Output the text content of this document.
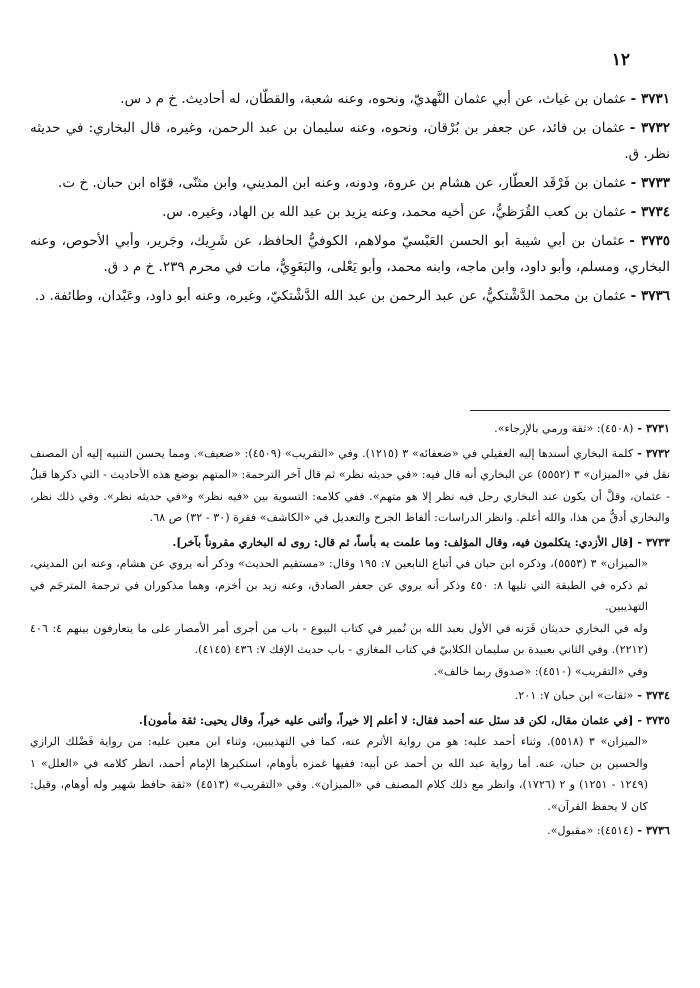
١٢
٣٧٣١ -عثمان بن غياث، عن أبي عثمان النَّهديّ، ونحوه، وعنه شعبة، والقطّان، له أحاديث. خ م د س.
٣٧٣٢ -عثمان بن فائد، عن جعفر بن بُرْقان، ونحوه، وعنه سليمان بن عبد الرحمن، وغيره، قال البخاري: في حديثه نظر. ق.
٣٧٣٣ -عثمان بن فَرْقَد العطّار، عن هشام بن عروة، ودونه، وعنه ابن المديني، وابن مثنّى، قوّاه ابن حبان. خ ت.
٣٧٣٤ -عثمان بن كعب القُرَظيُّ، عن أخيه محمد، وعنه يزيد بن عبد الله بن الهاد، وغيره. س.
٣٧٣٥ -عثمان بن أبي شيبة أبو الحسن العَبْسيّ مولاهم، الكوفيُّ الحافظ، عن شَرِيك، وجَرير، وأبي الأحوص، وعنه البخاري، ومسلم، وأبو داود، وابن ماجه، وابنه محمد، وأبو يَعْلى، والبَغَوِيُّ، مات في محرم ٢٣٩. خ م د ق.
٣٧٣٦ -عثمان بن محمد الدَّشْتكيُّ، عن عبد الرحمن بن عبد الله الدَّشْتكيّ، وغيره، وعنه أبو داود، وعَبْدان، وطائفة. د.
٣٧٣١ -(٤٥٠٨): «ثقة ورمي بالإرجاء».
٣٧٣٢ -كلمة البخاري أسندها إليه العقيلي في «ضعفائه» ٣ (١٢١٥). وفي «التقريب» (٤٥٠٩): «ضعيف». ومما يحسن التنبيه إليه أن المصنف نقل في «الميزان» ٣ (٥٥٥٢) عن البخاري أنه قال فيه: «في حديثه نظر» ثم قال آخر الترجمة: «المتهم بوضع هذه الأحاديث - التي ذكرها قبلُ - عثمان، وقلَّ أن يكون عند البخاري رجل فيه نظر إلا هو متهم». ففي كلامه: التسوية بين «فيه نظر» و«في حديثه نظر». وفي ذلك نظر، والبخاري أدقُّ من هذا، والله أعلم. وانظر الدراسات: ألفاظ الجرح والتعديل في «الكاشف» فقرة (٣٠ - ٣٢) ص ٦٨.
٣٧٣٣ -[قال الأزدي: يتكلمون فيه، وقال المؤلف: وما علمت به بأساً، ثم قال: روى له البخاري مقروناً بآخر].
«الميزان» ٣ (٥٥٥٣)، وذكره ابن حبان في أتباع التابعين ٧: ١٩٥ وقال: «مستقيم الحديث» وذكر أنه يروي عن هشام، وعنه ابن المديني، ثم ذكره في الطبقة التي تليها ٨: ٤٥٠ وذكر أنه يروي عن جعفر الصادق، وعنه زيد بن أخزم، وهما مذكوران في ترجمة المترجَم في التهذيبين.
وله في البخاري حديثان قَرَنه في الأول بعبد الله بن نُمير في كتاب البيوع - باب من أجرى أمر الأمصار على ما يتعارفون بينهم ٤: ٤٠٦ (٢٢١٢). وفي الثاني بعبيدة بن سليمان الكلابيّ في كتاب المغازي - باب حديث الإفك ٧: ٤٣٦ (٤١٤٥).
وفي «التقريب» (٤٥١٠): «صدوق ربما خالف».
٣٧٣٤ -«ثقات» ابن حبان ٧: ٢٠١.
٣٧٣٥ -[في عثمان مقال، لكن قد سئل عنه أحمد فقال: لا أعلم إلا خيراً، وأثنى عليه خيراً، وقال يحيى: ثقة مأمون].
«الميزان» ٣ (٥٥١٨). وثناء أحمد عليه: هو من رواية الأثرم عنه، كما في التهذيبين، وثناء ابن معين عليه: من رواية فَضْلك الرازي والحسين بن حبان، عنه. أما رواية عبد الله بن أحمد عن أبيه: ففيها غمزه بأوهام، استكبرها الإمام أحمد، انظر كلامه في «العلل» ١ (١٢٤٩ - ١٢٥١) و ٢ (١٧٢٦)، وانظر مع ذلك كلام المصنف في «الميزان». وفي «التقريب» (٤٥١٣) «ثقة حافظ شهير وله أوهام، وقيل: كان لا يحفظ القرآن».
٣٧٣٦ -(٤٥١٤): «مقبول».
